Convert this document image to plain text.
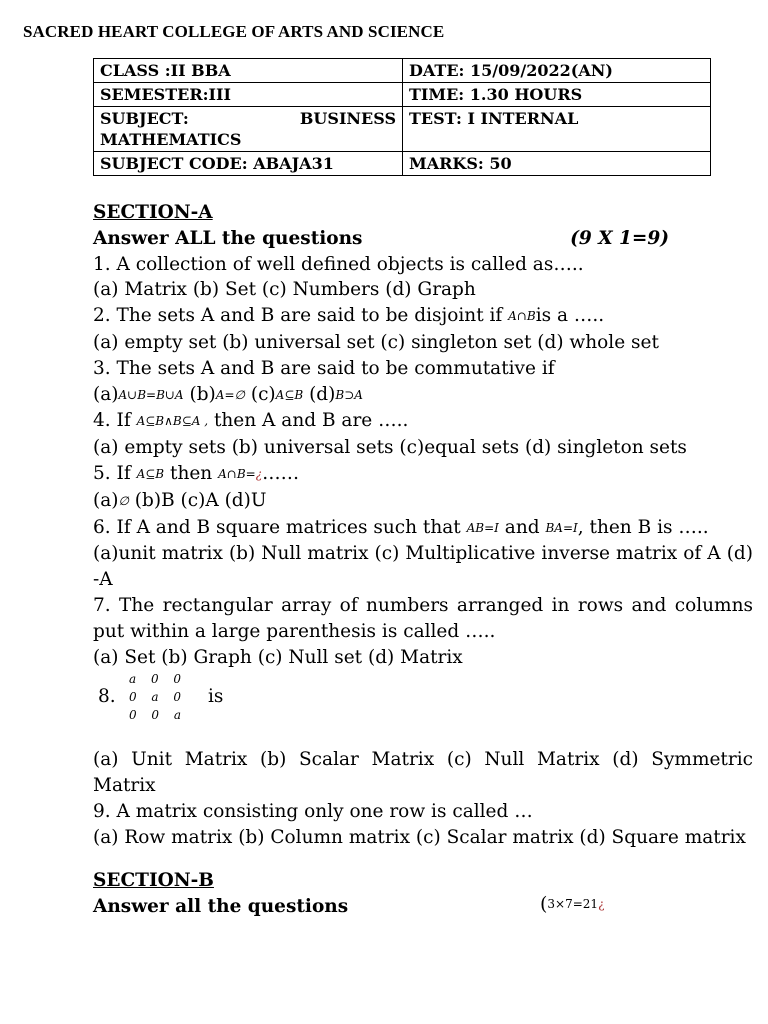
SACRED HEART COLLEGE OF ARTS AND SCIENCE
CLASS :II BBA	DATE: 15/09/2022(AN)
SEMESTER:III	TIME: 1.30 HOURS

SUBJECT: BUSINESS
MATHEMATICS	TEST: I INTERNAL
SUBJECT CODE: ABAJA31	MARKS: 50
SECTION-A
Answer ALL the questions	(9 X 1=9)
1. A collection of well defined objects is called as…..
(a) Matrix (b) Set (c) Numbers (d) Graph
2. The sets A and B are said to be disjoint if A∩Bis a …..
(a) empty set (b) universal set (c) singleton set (d) whole set
3. The sets A and B are said to be commutative if
(a)A∪B=B∪A (b)A=∅ (c)A⊆B (d)B⊃A
4. If A⊆B∧B⊆A , then A and B are …..
(a) empty sets (b) universal sets (c)equal sets (d) singleton sets
5. If A⊆B then A∩B=¿……
(a)∅ (b)B (c)A (d)U
6. If A and B square matrices such that AB=I and BA=I, then B is …..
(a)unit matrix (b) Null matrix (c) Multiplicative inverse matrix of A (d) -A
7. The rectangular array of numbers arranged in rows and columns put within a large parenthesis is called …..
(a) Set (b) Graph (c) Null set (d) Matrix
8.
a 0 0
0 a 0
0 0 a
is
(a) Unit Matrix (b) Scalar Matrix (c) Null Matrix (d) Symmetric Matrix
9. A matrix consisting only one row is called …
(a) Row matrix (b) Column matrix (c) Scalar matrix (d) Square matrix
SECTION-B
Answer all the questions	(3×7=21¿
